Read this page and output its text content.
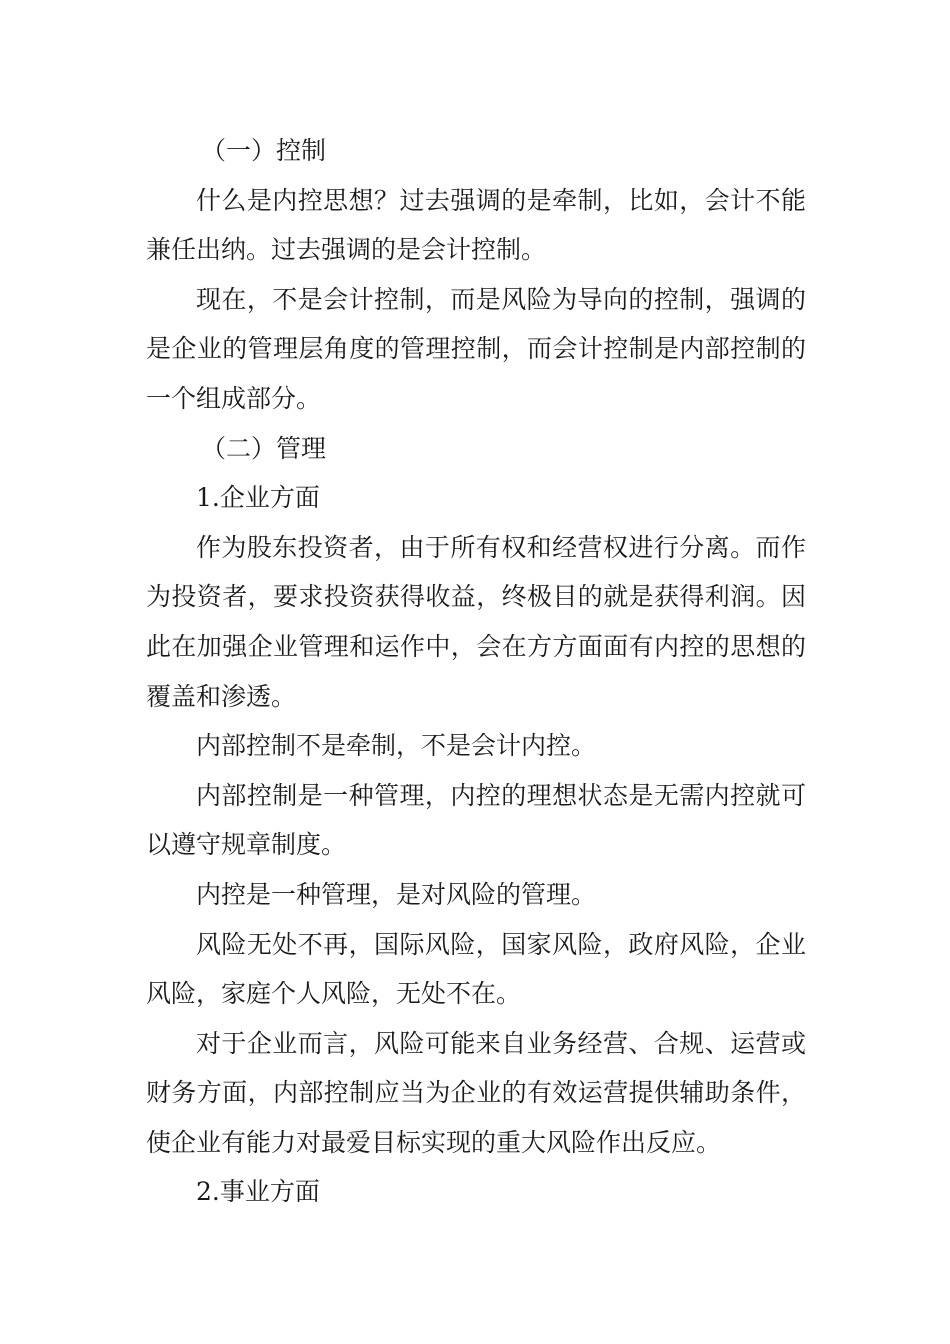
（一）控制

什么是内控思想？过去强调的是牵制，比如，会计不能兼任出纳。过去强调的是会计控制。

现在，不是会计控制，而是风险为导向的控制，强调的是企业的管理层角度的管理控制，而会计控制是内部控制的一个组成部分。

（二）管理

1.企业方面

作为股东投资者，由于所有权和经营权进行分离。而作为投资者，要求投资获得收益，终极目的就是获得利润。因此在加强企业管理和运作中，会在方方面面有内控的思想的覆盖和渗透。

内部控制不是牵制，不是会计内控。

内部控制是一种管理，内控的理想状态是无需内控就可以遵守规章制度。

内控是一种管理，是对风险的管理。

风险无处不再，国际风险，国家风险，政府风险，企业风险，家庭个人风险，无处不在。

对于企业而言，风险可能来自业务经营、合规、运营或财务方面，内部控制应当为企业的有效运营提供辅助条件，使企业有能力对最爱目标实现的重大风险作出反应。

2.事业方面
